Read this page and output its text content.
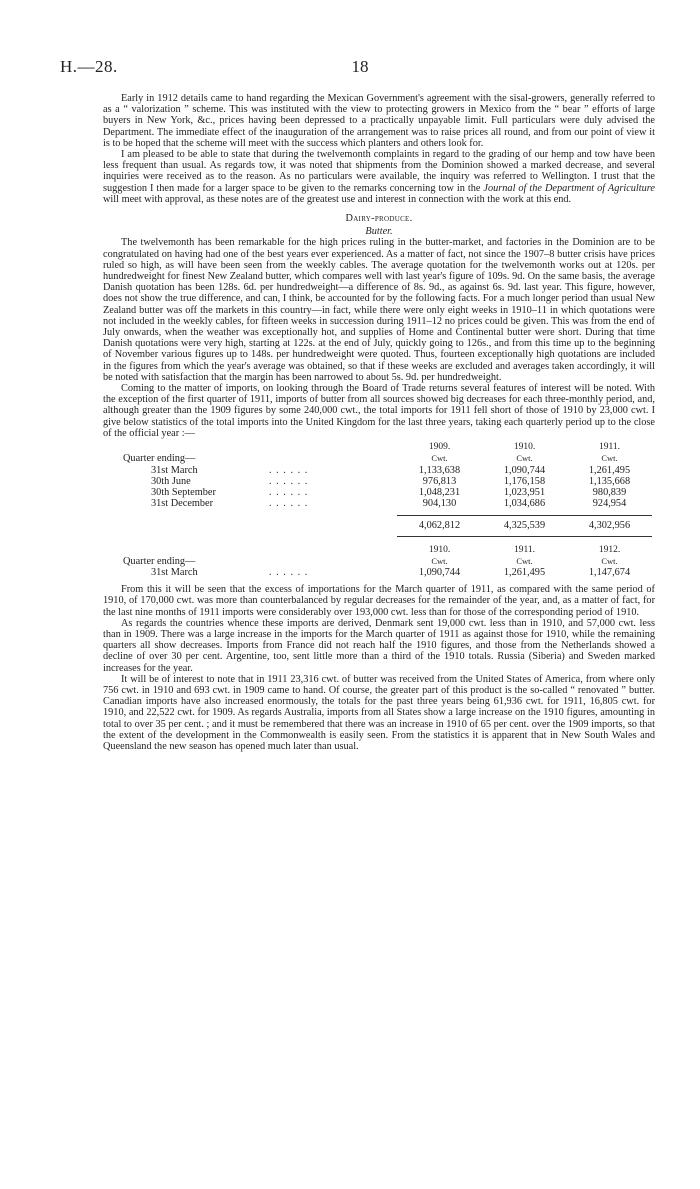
H.—28.	18

Early in 1912 details came to hand regarding the Mexican Government's agreement with the sisal-growers, generally referred to as a “ valorization ” scheme. This was instituted with the view to protecting growers in Mexico from the “ bear ” efforts of large buyers in New York, &c., prices having been depressed to a practically unpayable limit. Full particulars were duly advised the Department. The immediate effect of the inauguration of the arrangement was to raise prices all round, and from our point of view it is to be hoped that the scheme will meet with the success which planters and others look for.

I am pleased to be able to state that during the twelvemonth complaints in regard to the grading of our hemp and tow have been less frequent than usual. As regards tow, it was noted that shipments from the Dominion showed a marked decrease, and several inquiries were received as to the reason. As no particulars were available, the inquiry was referred to Wellington. I trust that the suggestion I then made for a larger space to be given to the remarks concerning tow in the Journal of the Department of Agriculture will meet with approval, as these notes are of the greatest use and interest in connection with the work at this end.

Dairy-produce.
Butter.

The twelvemonth has been remarkable for the high prices ruling in the butter-market, and factories in the Dominion are to be congratulated on having had one of the best years ever experienced. As a matter of fact, not since the 1907–8 butter crisis have prices ruled so high, as will have been seen from the weekly cables. The average quotation for the twelvemonth works out at 120s. per hundredweight for finest New Zealand butter, which compares well with last year's figure of 109s. 9d. On the same basis, the average Danish quotation has been 128s. 6d. per hundredweight—a difference of 8s. 9d., as against 6s. 9d. last year. This figure, however, does not show the true difference, and can, I think, be accounted for by the following facts. For a much longer period than usual New Zealand butter was off the markets in this country—in fact, while there were only eight weeks in 1910–11 in which quotations were not included in the weekly cables, for fifteen weeks in succession during 1911–12 no prices could be given. This was from the end of July onwards, when the weather was exceptionally hot, and supplies of Home and Continental butter were short. During that time Danish quotations were very high, starting at 122s. at the end of July, quickly going to 126s., and from this time up to the beginning of November various figures up to 148s. per hundredweight were quoted. Thus, fourteen exceptionally high quotations are included in the figures from which the year's average was obtained, so that if these weeks are excluded and averages taken accordingly, it will be noted with satisfaction that the margin has been narrowed to about 5s. 9d. per hundredweight.

Coming to the matter of imports, on looking through the Board of Trade returns several features of interest will be noted. With the exception of the first quarter of 1911, imports of butter from all sources showed big decreases for each three-monthly period, and, although greater than the 1909 figures by some 240,000 cwt., the total imports for 1911 fell short of those of 1910 by 23,000 cwt. I give below statistics of the total imports into the United Kingdom for the last three years, taking each quarterly period up to the close of the official year :—

		1909.	1910.	1911.
Quarter ending—		Cwt.	Cwt.	Cwt.
31st March	. . . . . .	1,133,638	1,090,744	1,261,495
30th June	. . . . . .	976,813	1,176,158	1,135,668
30th September	. . . . . .	1,048,231	1,023,951	980,839
31st December	. . . . . .	904,130	1,034,686	924,954

		4,062,812	4,325,539	4,302,956
		1910.	1911.	1912.
Quarter ending—		Cwt.	Cwt.	Cwt.
31st March	. . . . . .	1,090,744	1,261,495	1,147,674

From this it will be seen that the excess of importations for the March quarter of 1911, as compared with the same period of 1910, of 170,000 cwt. was more than counterbalanced by regular decreases for the remainder of the year, and, as a matter of fact, for the last nine months of 1911 imports were considerably over 193,000 cwt. less than for those of the corresponding period of 1910.

As regards the countries whence these imports are derived, Denmark sent 19,000 cwt. less than in 1910, and 57,000 cwt. less than in 1909. There was a large increase in the imports for the March quarter of 1911 as against those for 1910, while the remaining quarters all show decreases. Imports from France did not reach half the 1910 figures, and those from the Netherlands showed a decline of over 30 per cent. Argentine, too, sent little more than a third of the 1910 totals. Russia (Siberia) and Sweden marked increases for the year.

It will be of interest to note that in 1911 23,316 cwt. of butter was received from the United States of America, from where only 756 cwt. in 1910 and 693 cwt. in 1909 came to hand. Of course, the greater part of this product is the so-called “ renovated ” butter. Canadian imports have also increased enormously, the totals for the past three years being 61,936 cwt. for 1911, 16,805 cwt. for 1910, and 22,522 cwt. for 1909. As regards Australia, imports from all States show a large increase on the 1910 figures, amounting in total to over 35 per cent. ; and it must be remembered that there was an increase in 1910 of 65 per cent. over the 1909 imports, so that the extent of the development in the Commonwealth is easily seen. From the statistics it is apparent that in New South Wales and Queensland the new season has opened much later than usual.
